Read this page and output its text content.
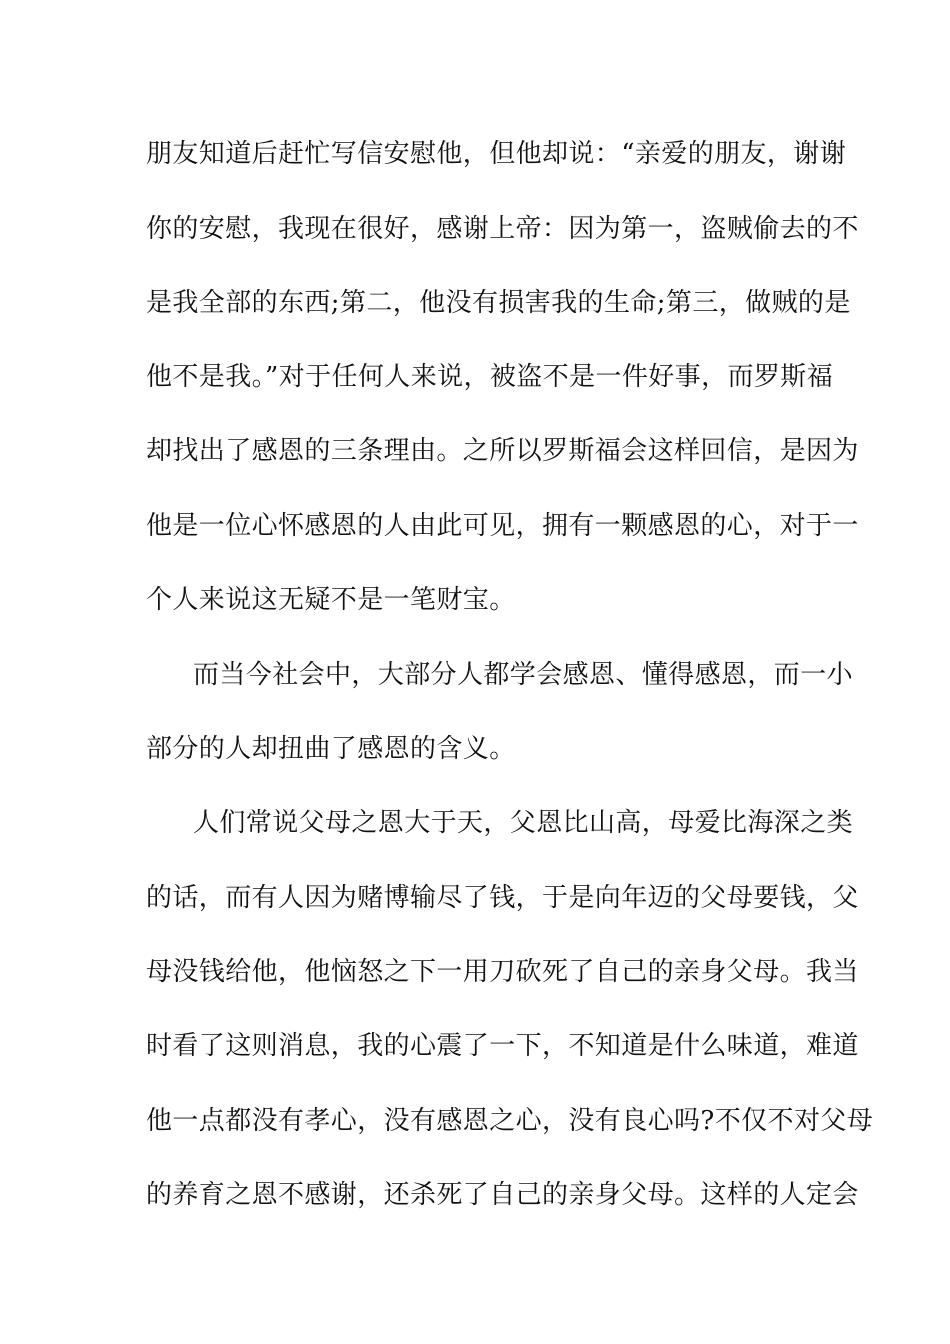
朋友知道后赶忙写信安慰他，但他却说：“亲爱的朋友，谢谢
你的安慰，我现在很好，感谢上帝：因为第一，盗贼偷去的不
是我全部的东西;第二，他没有损害我的生命;第三，做贼的是
他不是我。”对于任何人来说，被盗不是一件好事，而罗斯福
却找出了感恩的三条理由。之所以罗斯福会这样回信，是因为
他是一位心怀感恩的人由此可见，拥有一颗感恩的心，对于一
个人来说这无疑不是一笔财宝。
而当今社会中，大部分人都学会感恩、懂得感恩，而一小
部分的人却扭曲了感恩的含义。
人们常说父母之恩大于天，父恩比山高，母爱比海深之类
的话，而有人因为赌博输尽了钱，于是向年迈的父母要钱，父
母没钱给他，他恼怒之下一用刀砍死了自己的亲身父母。我当
时看了这则消息，我的心震了一下，不知道是什么味道，难道
他一点都没有孝心，没有感恩之心，没有良心吗?不仅不对父母
的养育之恩不感谢，还杀死了自己的亲身父母。这样的人定会
